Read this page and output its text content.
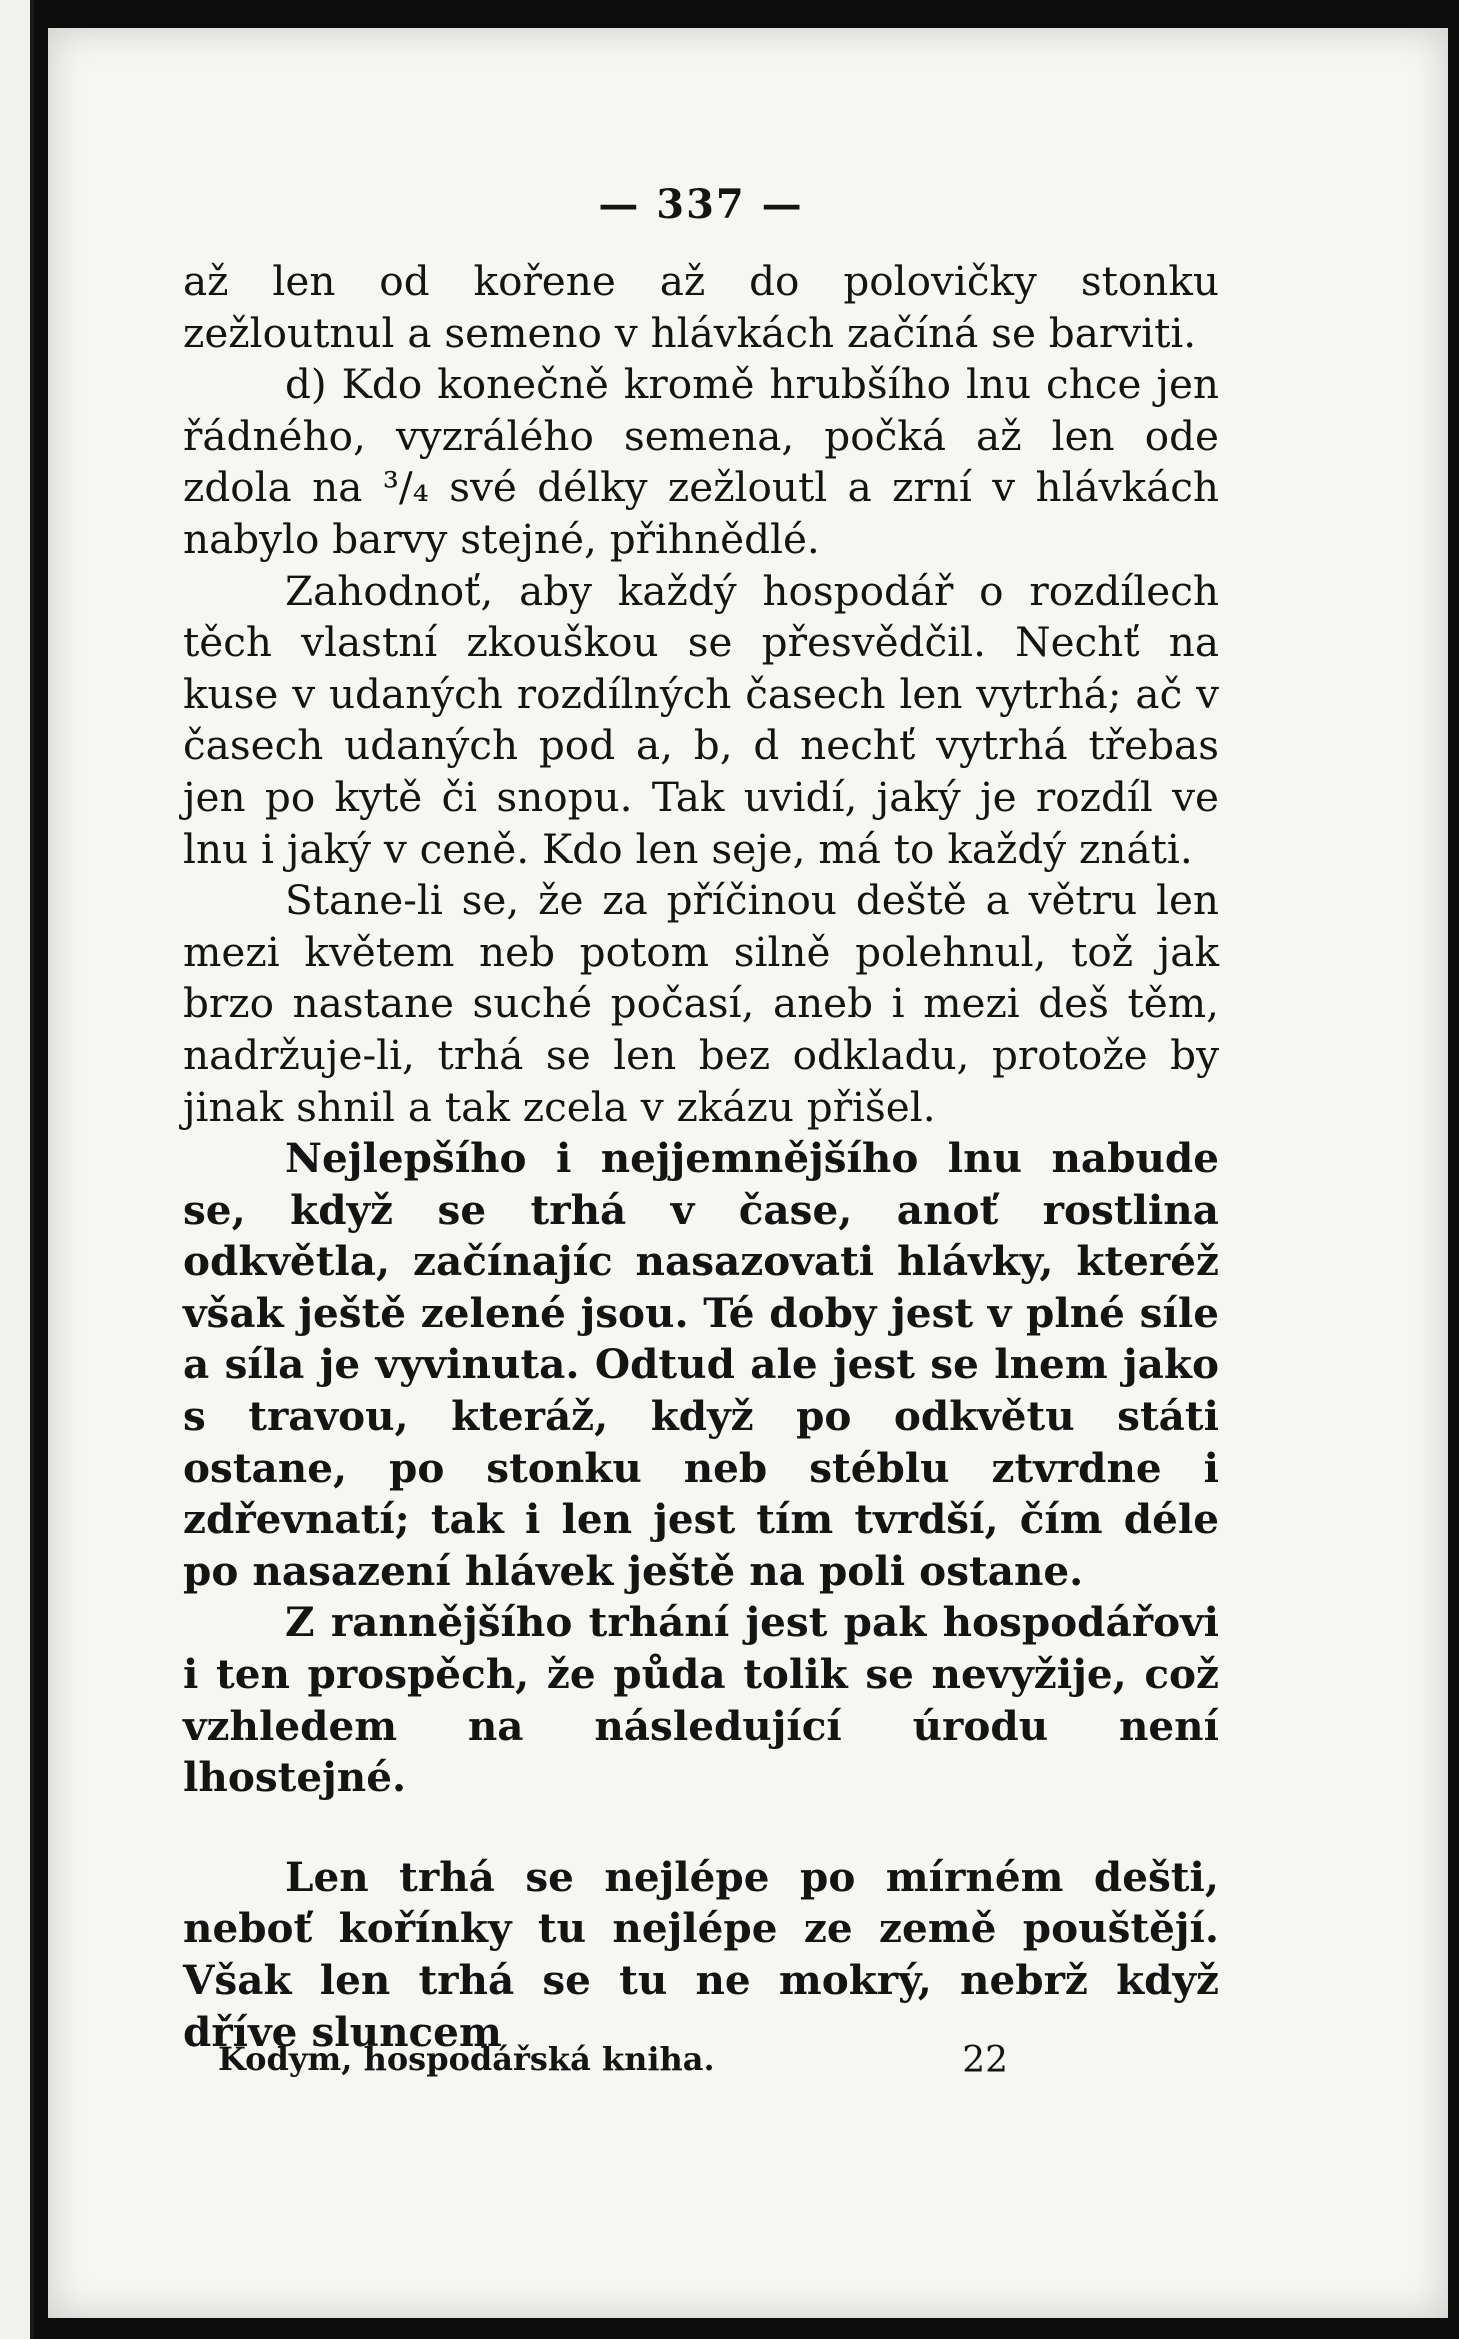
— 337 —

až len od kořene až do polovičky stonku zežloutnul a semeno v hlávkách začíná se barviti.

d) Kdo konečně kromě hrubšího lnu chce jen řádného, vyzrálého semena, počká až len ode zdola na ³/₄ své délky zežloutl a zrní v hlávkách nabylo barvy stejné, přihnědlé.

Zahodnoť, aby každý hospodář o rozdílech těch vlastní zkouškou se přesvědčil. Nechť na kuse v udaných rozdílných časech len vytrhá; ač v časech udaných pod a, b, d nechť vytrhá třebas jen po kytě či snopu. Tak uvidí, jaký je rozdíl ve lnu i jaký v ceně. Kdo len seje, má to každý znáti.

Stane-li se, že za příčinou deště a větru len mezi květem neb potom silně polehnul, tož jak brzo nastane suché počasí, aneb i mezi deš těm, nadržuje-li, trhá se len bez odkladu, protože by jinak shnil a tak zcela v zkázu přišel.

Nejlepšího i nejjemnějšího lnu nabude se, když se trhá v čase, anoť rostlina odkvětla, začínajíc nasazovati hlávky, kteréž však ještě zelené jsou. Té doby jest v plné síle a síla je vyvinuta. Odtud ale jest se lnem jako s travou, kteráž, když po odkvětu státi ostane, po stonku neb stéblu ztvrdne i zdřevnatí; tak i len jest tím tvrdší, čím déle po nasazení hlávek ještě na poli ostane.

Z rannějšího trhání jest pak hospodářovi i ten prospěch, že půda tolik se nevyžije, což vzhledem na následující úrodu není lhostejné.

Len trhá se nejlépe po mírném dešti, neboť kořínky tu nejlépe ze země pouštějí. Však len trhá se tu ne mokrý, nebrž když dříve sluncem

Kodym, hospodářská kniha.	22
